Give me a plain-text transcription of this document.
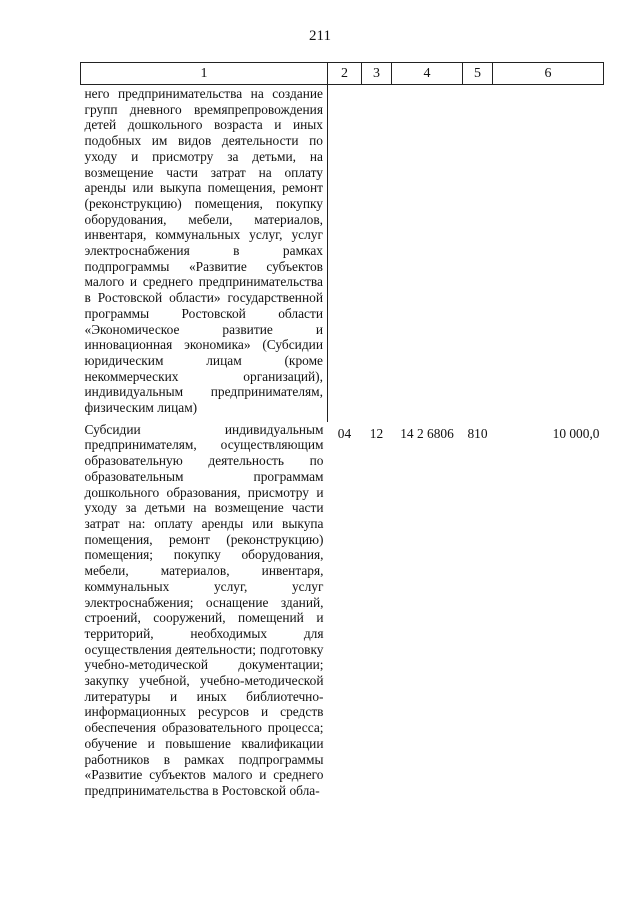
211
1	2	3	4	5	6
него предпринимательства на создание групп дневного времяпрепровождения детей дошкольного возраста и иных подобных им видов деятельности по уходу и присмотру за детьми, на возмещение части затрат на оплату аренды или выкупа помещения, ремонт (реконструкцию) помещения, покупку оборудования, мебели, материалов, инвентаря, коммунальных услуг, услуг электроснабжения в рамках подпрограммы «Развитие субъектов малого и среднего предпринимательства в Ростовской области» государственной программы Ростовской области «Экономическое развитие и инновационная экономика» (Субсидии юридическим лицам (кроме некоммерческих организаций), индивидуальным предпринимателям, физическим лицам)					
Субсидии индивидуальным предпринимателям, осуществляющим образовательную деятельность по образовательным программам дошкольного образования, присмотру и уходу за детьми на возмещение части затрат на: оплату аренды или выкупа помещения, ремонт (реконструкцию) помещения; покупку оборудования, мебели, материалов, инвентаря, коммунальных услуг, услуг электроснабжения; оснащение зданий, строений, сооружений, помещений и территорий, необходимых для осуществления деятельности; подготовку учебно-методической документации; закупку учебной, учебно-методической литературы и иных библиотечно-информационных ресурсов и средств обеспечения образовательного процесса; обучение и повышение квалификации работников в рамках подпрограммы «Развитие субъектов малого и среднего предпринимательства в Ростовской обла-	04	12	14 2 6806	810	10 000,0
